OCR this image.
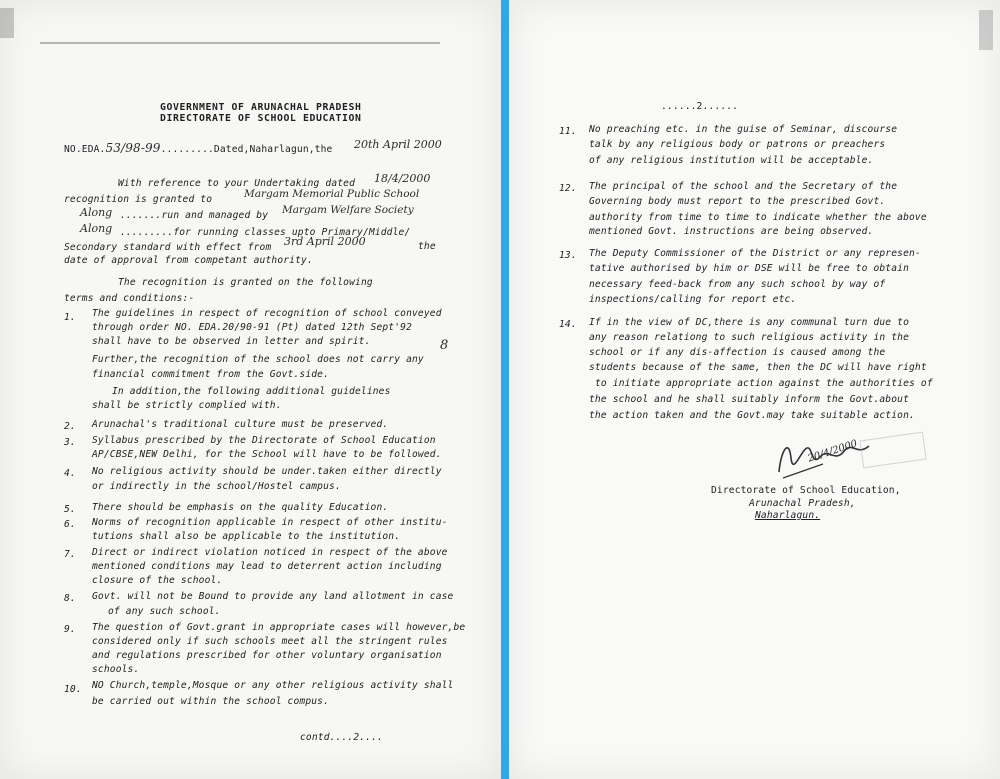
GOVERNMENT OF ARUNACHAL PRADESH
DIRECTORATE OF SCHOOL EDUCATION
NO.EDA.53/98-99.........Dated,Naharlagun,the 20th April 2000
With reference to your Undertaking dated 18/4/2000
recognition is granted to	Margam Memorial Public School
Along .......run and managed by Margam Welfare Society
Along .........for running classes upto Primary/Middle/
Secondary standard with effect from 3rd April 2000	the
date of approval from competant authority.
The recognition is granted on the following
terms and conditions:-
1. The guidelines in respect of recognition of school conveyed
through order NO. EDA.20/90-91 (Pt) dated 12th Sept'92
shall have to be observed in letter and spirit.
Further,the recognition of the school does not carry any
financial commitment from the Govt.side.
In addition,the following additional guidelines
shall be strictly complied with.
8
2. Arunachal's traditional culture must be preserved.
3. Syllabus prescribed by the Directorate of School Education
AP/CBSE,NEW Delhi, for the School will have to be followed.
4. No religious activity should be under.taken either directly
or indirectly in the school/Hostel campus.
5. There should be emphasis on the quality Education.
6. Norms of recognition applicable in respect of other institu-
tutions shall also be applicable to the institution.
7. Direct or indirect violation noticed in respect of the above
mentioned conditions may lead to deterrent action including
closure of the school.
8. Govt. will not be Bound to provide any land allotment in case
of any such school.
9. The question of Govt.grant in appropriate cases will however,be
considered only if such schools meet all the stringent rules
and regulations prescribed for other voluntary organisation
schools.
10. NO Church,temple,Mosque or any other religious activity shall
be carried out within the school compus.
contd....2....
......2......
11. No preaching etc. in the guise of Seminar, discourse
talk by any religious body or patrons or preachers
of any religious institution will be acceptable.
12. The principal of the school and the Secretary of the
Governing body must report to the prescribed Govt.
authority from time to time to indicate whether the above
mentioned Govt. instructions are being observed.
13. The Deputy Commissioner of the District or any represen-
tative authorised by him or DSE will be free to obtain
necessary feed-back from any such school by way of
inspections/calling for report etc.
14. If in the view of DC,there is any communal turn due to
any reason relationg to such religious activity in the
school or if any dis-affection is caused among the
students because of the same, then the DC will have right
to initiate appropriate action against the authorities of
the school and he shall suitably inform the Govt.about
the action taken and the Govt.may take suitable action.
20/4/2000
Directorate of School Education,
Arunachal Pradesh,
Naharlagun.
